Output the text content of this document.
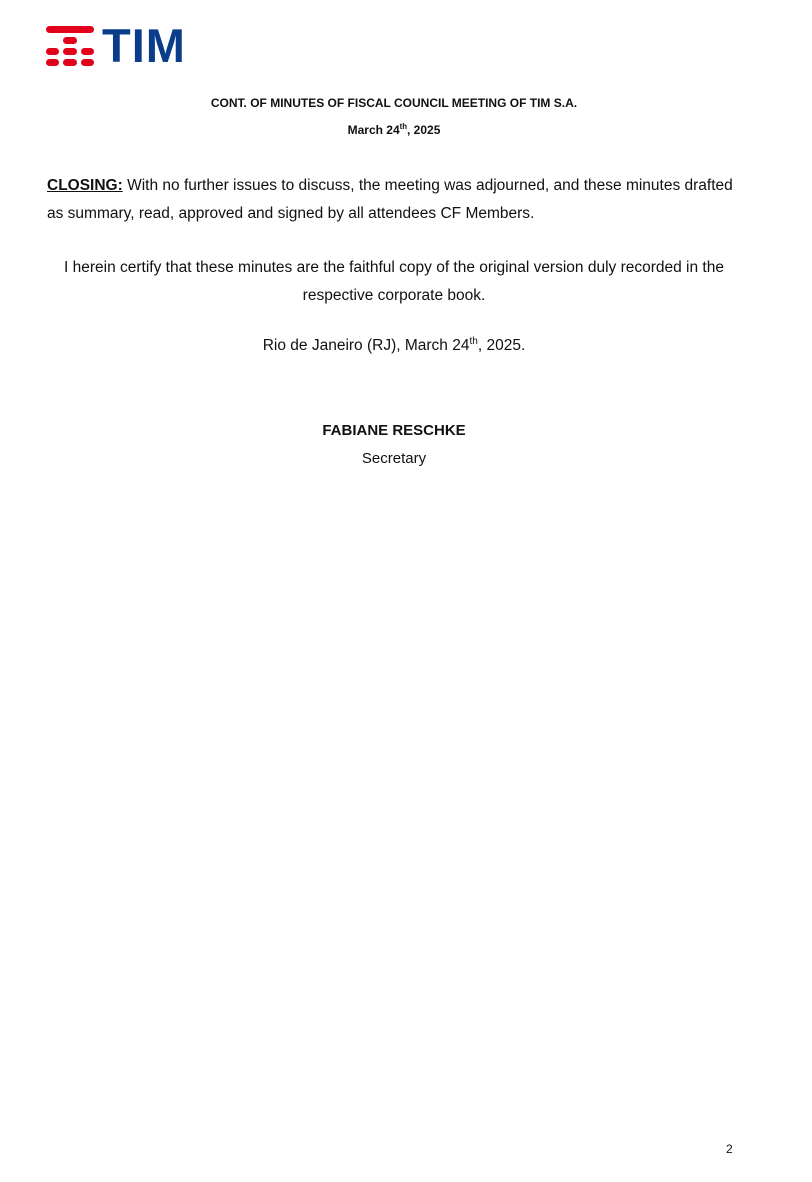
TIM
CONT. OF MINUTES OF FISCAL COUNCIL MEETING OF TIM S.A.
March 24th, 2025
CLOSING: With no further issues to discuss, the meeting was adjourned, and these minutes drafted as summary, read, approved and signed by all attendees CF Members.
I herein certify that these minutes are the faithful copy of the original version duly recorded in the respective corporate book.
Rio de Janeiro (RJ), March 24th, 2025.
FABIANE RESCHKE
Secretary
2
